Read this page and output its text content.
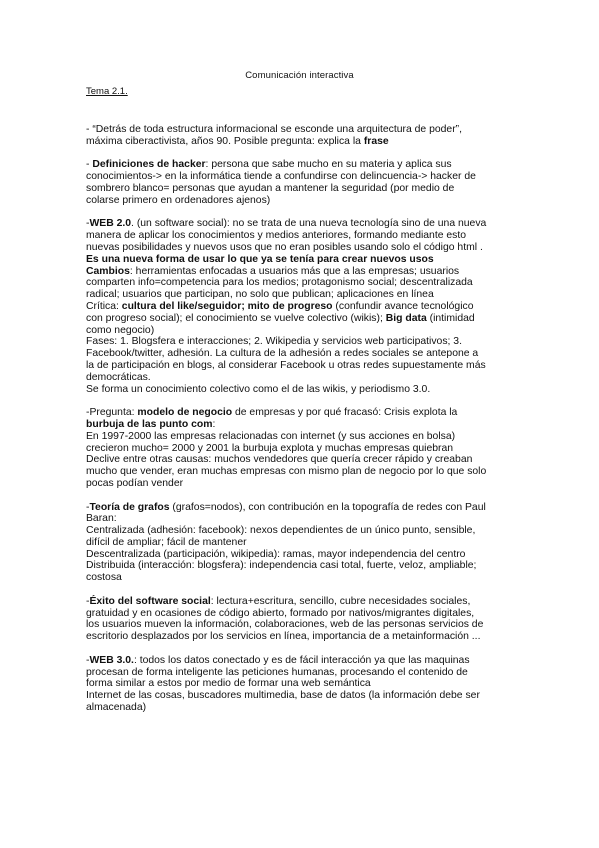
Comunicación interactiva
Tema 2.1.
- “Detrás de toda estructura informacional se esconde una arquitectura de poder”,
máxima ciberactivista, años 90. Posible pregunta: explica la frase
- Definiciones de hacker: persona que sabe mucho en su materia y aplica sus
conocimientos-> en la informática tiende a confundirse con delincuencia-> hacker de
sombrero blanco= personas que ayudan a mantener la seguridad (por medio de
colarse primero en ordenadores ajenos)
-WEB 2.0. (un software social): no se trata de una nueva tecnología sino de una nueva
manera de aplicar los conocimientos y medios anteriores, formando mediante esto
nuevas posibilidades y nuevos usos que no eran posibles usando solo el código html .
Es una nueva forma de usar lo que ya se tenía para crear nuevos usos
Cambios: herramientas enfocadas a usuarios más que a las empresas; usuarios
comparten info=competencia para los medios; protagonismo social; descentralizada
radical; usuarios que participan, no solo que publican; aplicaciones en línea
Crítica: cultura del like/seguidor; mito de progreso (confundir avance tecnológico
con progreso social); el conocimiento se vuelve colectivo (wikis); Big data (intimidad
como negocio)
Fases: 1. Blogsfera e interacciones; 2. Wikipedia y servicios web participativos; 3.
Facebook/twitter, adhesión. La cultura de la adhesión a redes sociales se antepone a
la de participación en blogs, al considerar Facebook u otras redes supuestamente más
democráticas.
Se forma un conocimiento colectivo como el de las wikis, y periodismo 3.0.
-Pregunta: modelo de negocio de empresas y por qué fracasó: Crisis explota la
burbuja de las punto com:
En 1997-2000 las empresas relacionadas con internet (y sus acciones en bolsa)
crecieron mucho= 2000 y 2001 la burbuja explota y muchas empresas quiebran
Declive entre otras causas: muchos vendedores que quería crecer rápido y creaban
mucho que vender, eran muchas empresas con mismo plan de negocio por lo que solo
pocas podían vender
-Teoría de grafos (grafos=nodos), con contribución en la topografía de redes con Paul
Baran:
Centralizada (adhesión: facebook): nexos dependientes de un único punto, sensible,
difícil de ampliar; fácil de mantener
Descentralizada (participación, wikipedia): ramas, mayor independencia del centro
Distribuida (interacción: blogsfera): independencia casi total, fuerte, veloz, ampliable;
costosa
-Éxito del software social: lectura+escritura, sencillo, cubre necesidades sociales,
gratuidad y en ocasiones de código abierto, formado por nativos/migrantes digitales,
los usuarios mueven la información, colaboraciones, web de las personas servicios de
escritorio desplazados por los servicios en línea, importancia de a metainformación ...
-WEB 3.0.: todos los datos conectado y es de fácil interacción ya que las maquinas
procesan de forma inteligente las peticiones humanas, procesando el contenido de
forma similar a estos por medio de formar una web semántica
Internet de las cosas, buscadores multimedia, base de datos (la información debe ser
almacenada)
